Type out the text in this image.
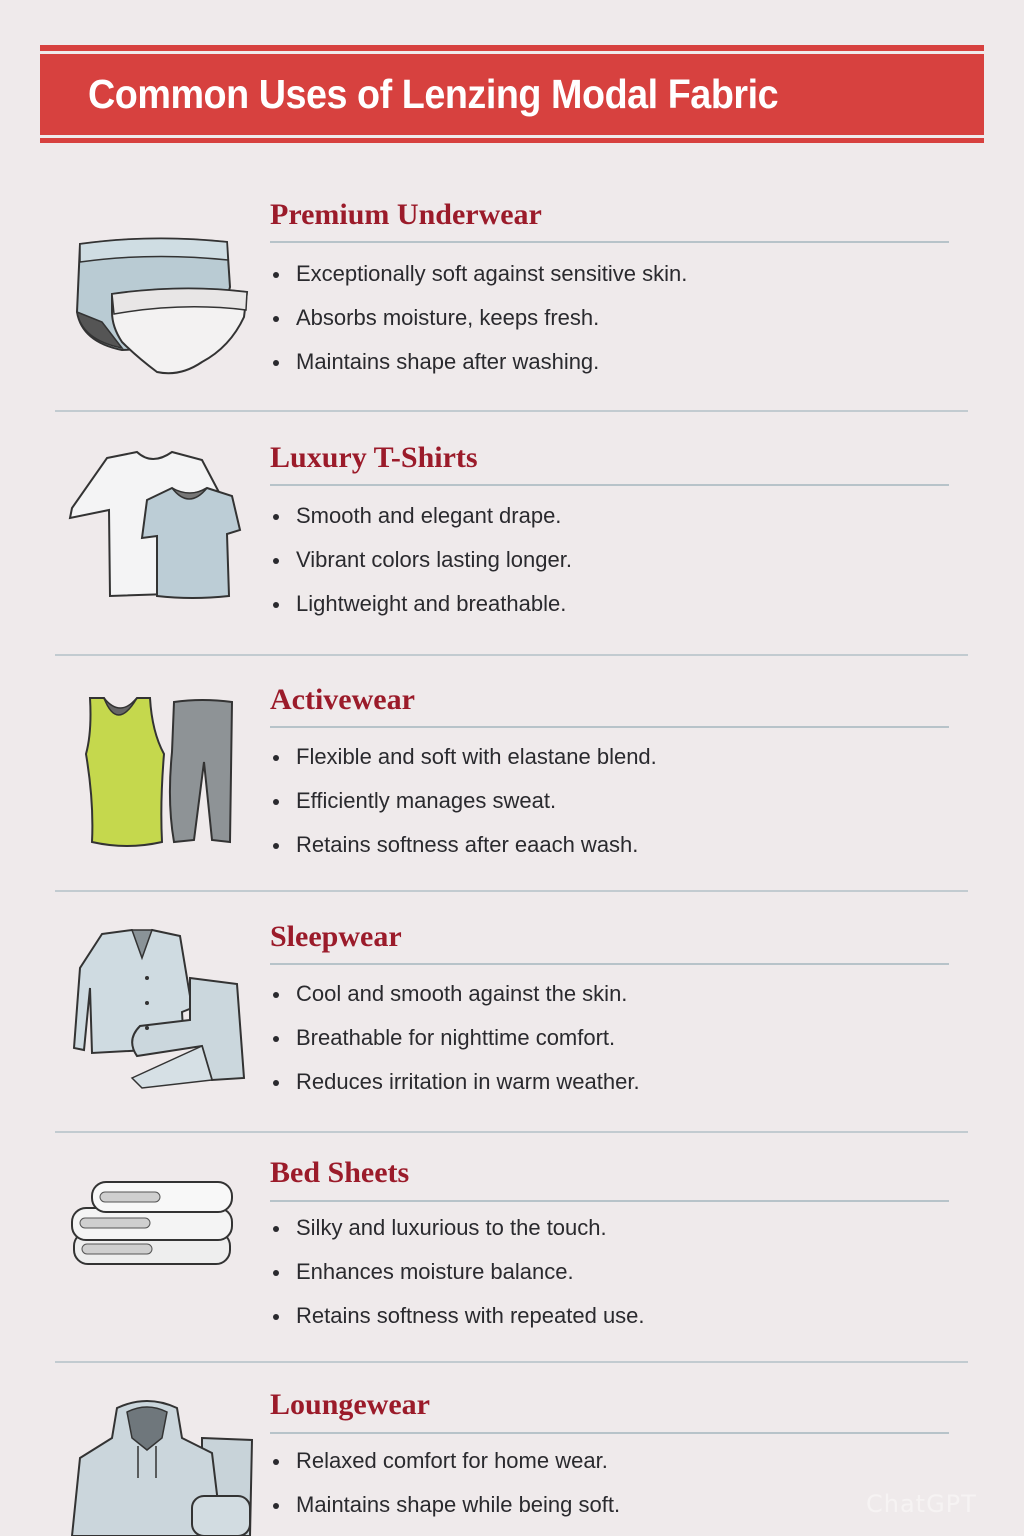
Common Uses of Lenzing Modal Fabric
Premium Underwear
Exceptionally soft against sensitive skin.
Absorbs moisture, keeps fresh.
Maintains shape after washing.
Luxury T-Shirts
Smooth and elegant drape.
Vibrant colors lasting longer.
Lightweight and breathable.
Activewear
Flexible and soft with elastane blend.
Efficiently manages sweat.
Retains softness after eaach wash.
Sleepwear
Cool and smooth against the skin.
Breathable for nighttime comfort.
Reduces irritation in warm weather.
Bed Sheets
Silky and luxurious to the touch.
Enhances moisture balance.
Retains softness with repeated use.
Loungewear
Relaxed comfort for home wear.
Maintains shape while being soft.	ChatGPT
